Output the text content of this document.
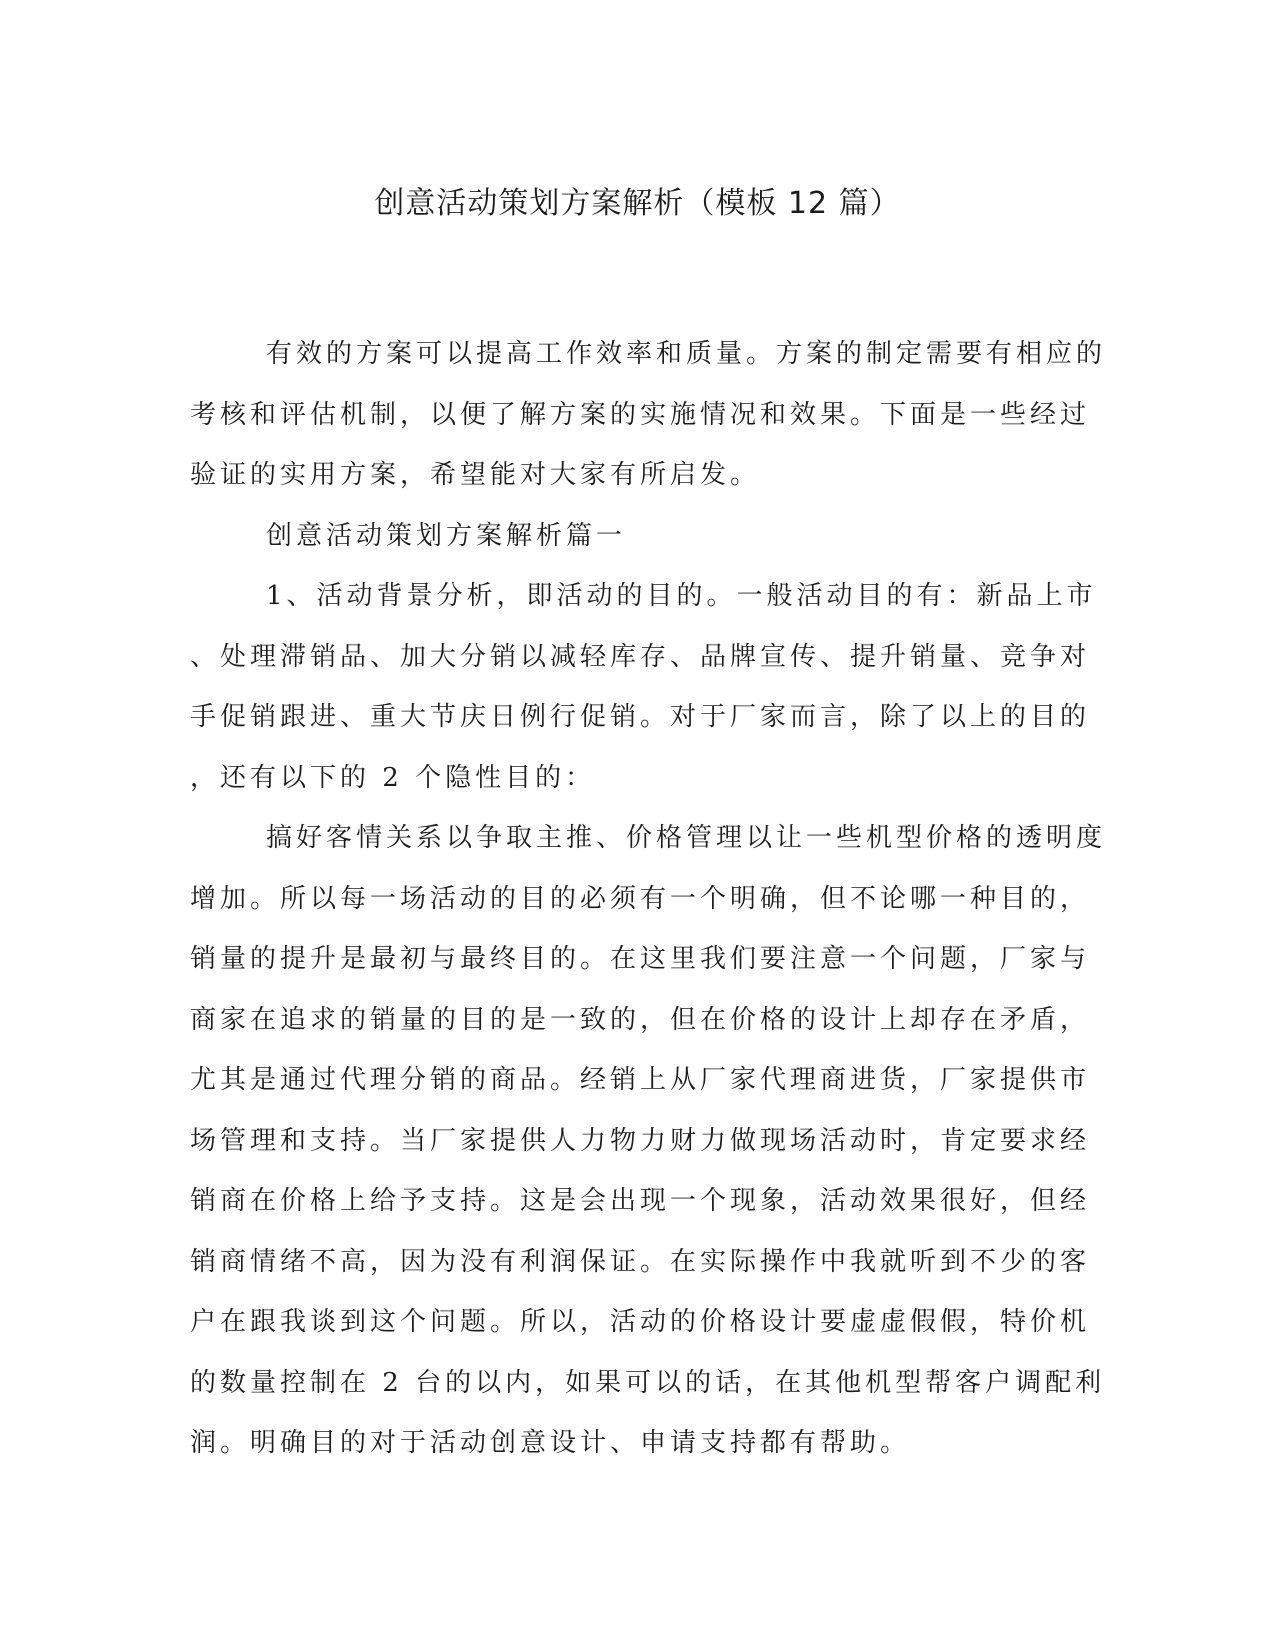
创意活动策划方案解析（模板 12 篇）
有效的方案可以提高工作效率和质量。方案的制定需要有相应的
考核和评估机制，以便了解方案的实施情况和效果。下面是一些经过
验证的实用方案，希望能对大家有所启发。
创意活动策划方案解析篇一
1、活动背景分析，即活动的目的。一般活动目的有：新品上市
、处理滞销品、加大分销以减轻库存、品牌宣传、提升销量、竞争对
手促销跟进、重大节庆日例行促销。对于厂家而言，除了以上的目的
，还有以下的 2 个隐性目的：
搞好客情关系以争取主推、价格管理以让一些机型价格的透明度
增加。所以每一场活动的目的必须有一个明确，但不论哪一种目的，
销量的提升是最初与最终目的。在这里我们要注意一个问题，厂家与
商家在追求的销量的目的是一致的，但在价格的设计上却存在矛盾，
尤其是通过代理分销的商品。经销上从厂家代理商进货，厂家提供市
场管理和支持。当厂家提供人力物力财力做现场活动时，肯定要求经
销商在价格上给予支持。这是会出现一个现象，活动效果很好，但经
销商情绪不高，因为没有利润保证。在实际操作中我就听到不少的客
户在跟我谈到这个问题。所以，活动的价格设计要虚虚假假，特价机
的数量控制在 2 台的以内，如果可以的话，在其他机型帮客户调配利
润。明确目的对于活动创意设计、申请支持都有帮助。
